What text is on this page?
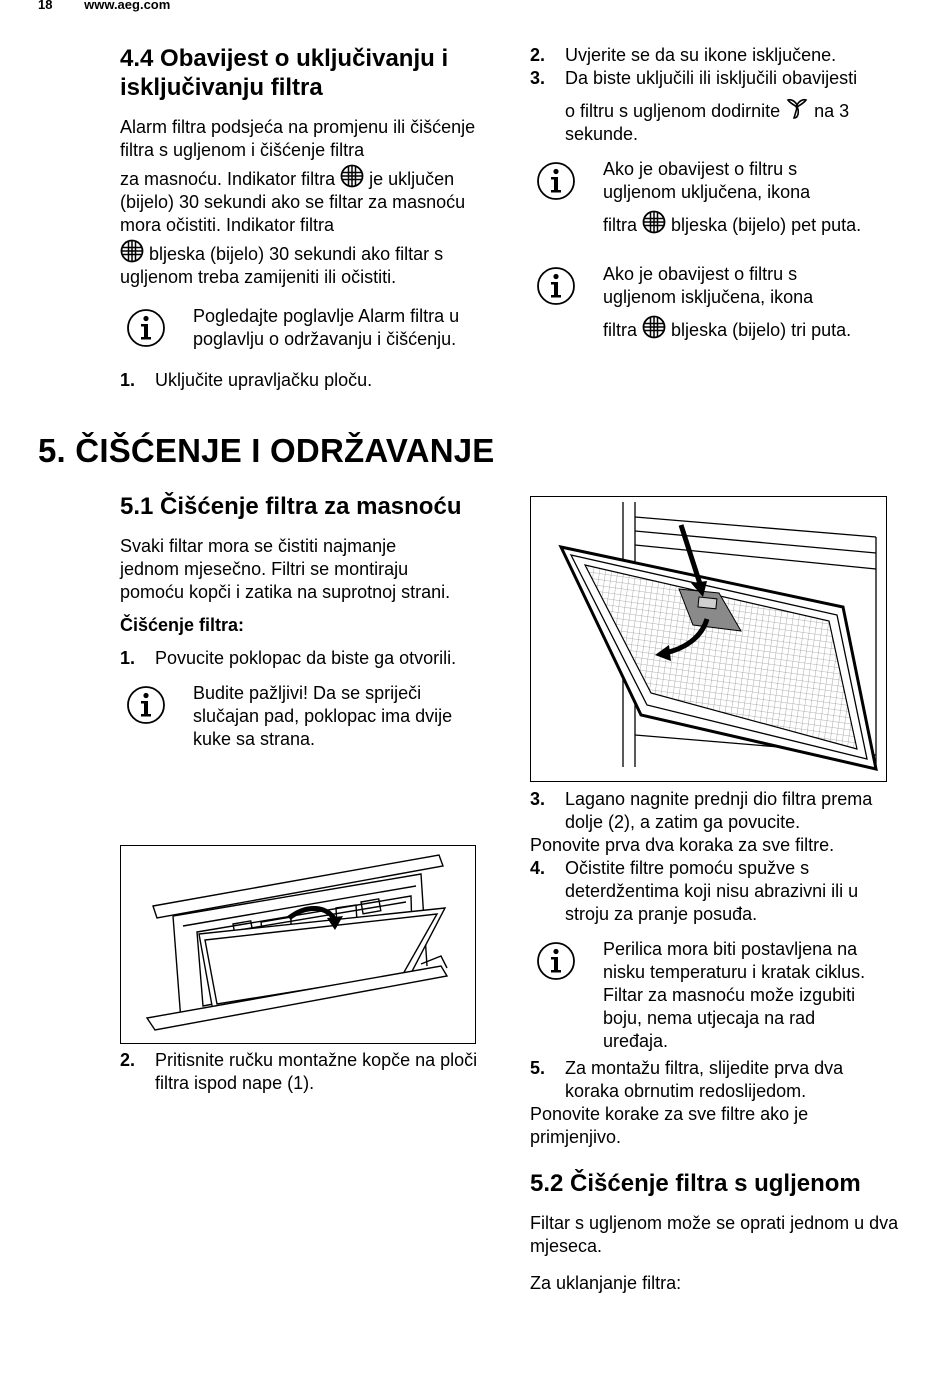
18 www.aeg.com
4.4 Obavijest o uključivanju i isključivanju filtra

Alarm filtra podsjeća na promjenu ili čišćenje filtra s ugljenom i čišćenje filtra

za masnoću. Indikator filtra je uključen (bijelo) 30 sekundi ako se filtar za masnoću mora očistiti. Indikator filtra

bljeska (bijelo) 30 sekundi ako filtar s ugljenom treba zamijeniti ili očistiti.

Pogledajte poglavlje Alarm filtra u poglavlju o održavanju i čišćenju.
1. Uključite upravljačku ploču.
2. Uvjerite se da su ikone isključene.
3. Da biste uključili ili isključili obavijesti
o filtru s ugljenom dodirnite na 3 sekunde.
Ako je obavijest o filtru s ugljenom uključena, ikona
filtra bljeska (bijelo) pet puta.
Ako je obavijest o filtru s ugljenom isključena, ikona
filtra bljeska (bijelo) tri puta.
5. ČIŠĆENJE I ODRŽAVANJE
5.1 Čišćenje filtra za masnoću

Svaki filtar mora se čistiti najmanje jednom mjesečno. Filtri se montiraju pomoću kopči i zatika na suprotnoj strani.

Čišćenje filtra:

1. Povucite poklopac da biste ga otvorili.
Budite pažljivi! Da se spriječi slučajan pad, poklopac ima dvije kuke sa strana.
2. Pritisnite ručku montažne kopče na ploči filtra ispod nape (1).
3. Lagano nagnite prednji dio filtra prema dolje (2), a zatim ga povucite.

Ponovite prva dva koraka za sve filtre.

4. Očistite filtre pomoću spužve s deterdžentima koji nisu abrazivni ili u stroju za pranje posuđa.
Perilica mora biti postavljena na nisku temperaturu i kratak ciklus. Filtar za masnoću može izgubiti boju, nema utjecaja na rad uređaja.
5. Za montažu filtra, slijedite prva dva koraka obrnutim redoslijedom.

Ponovite korake za sve filtre ako je primjenjivo.

5.2 Čišćenje filtra s ugljenom

Filtar s ugljenom može se oprati jednom u dva mjeseca.

Za uklanjanje filtra:
